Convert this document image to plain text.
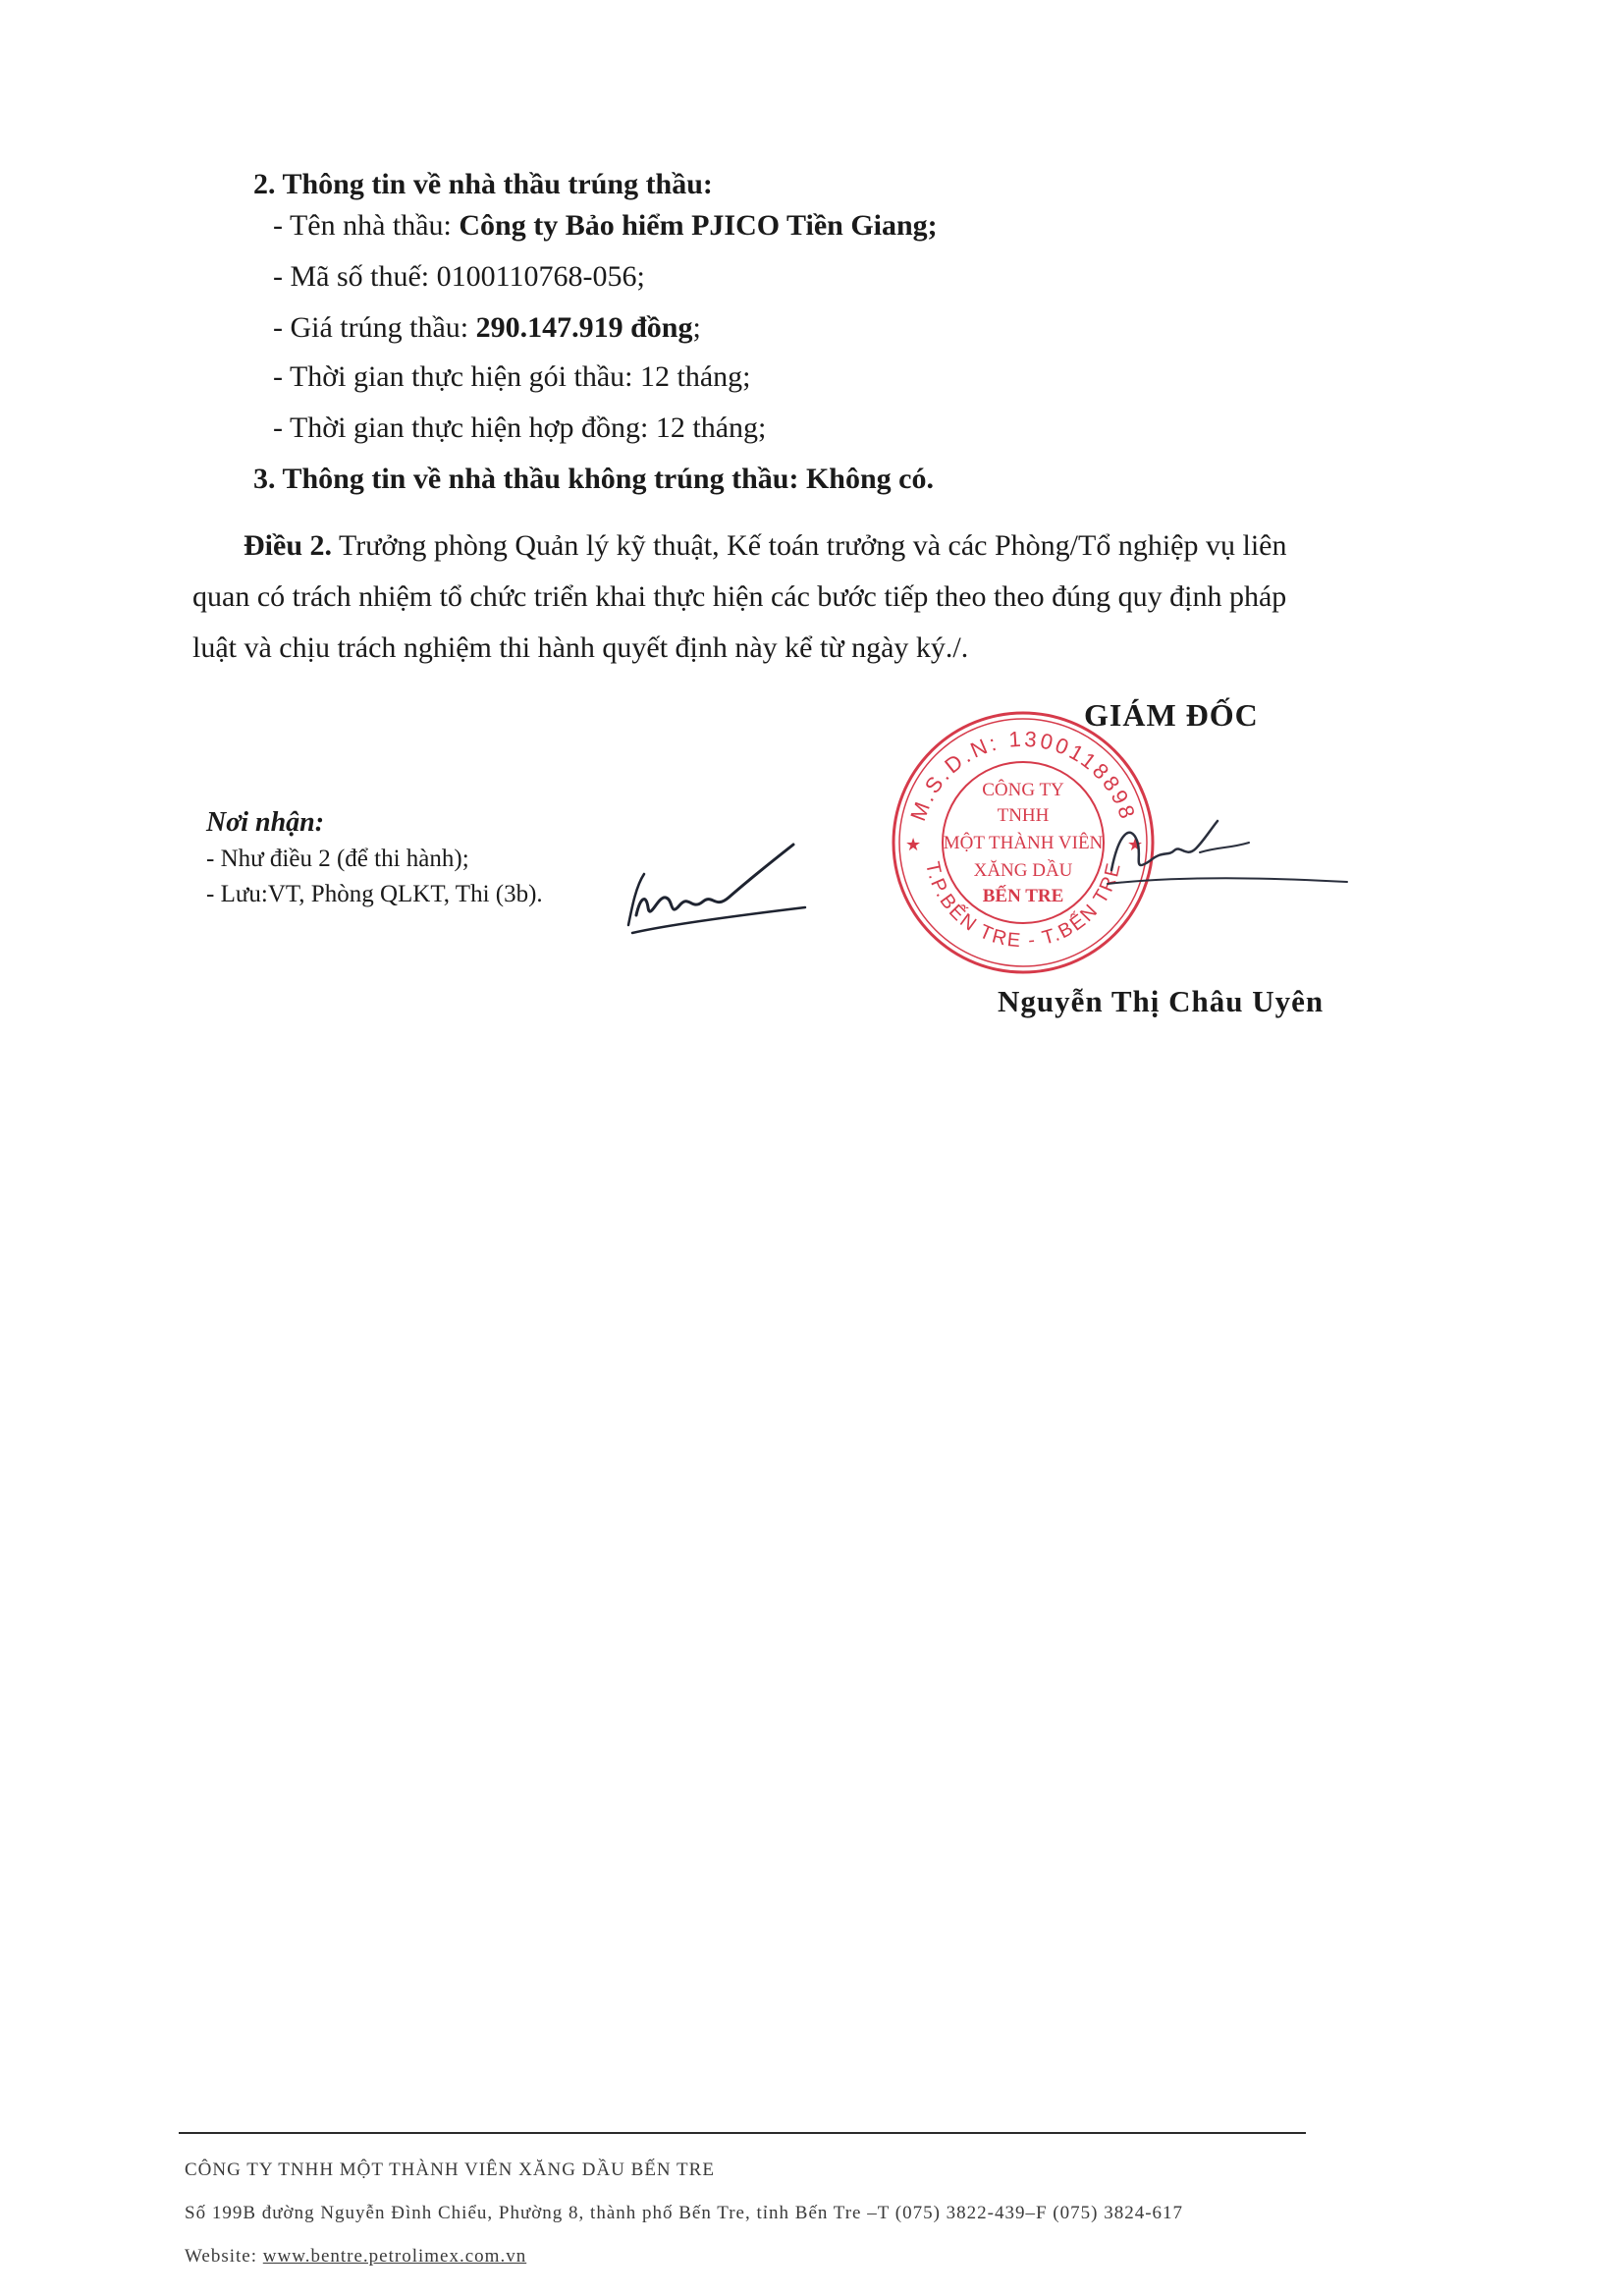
2. Thông tin về nhà thầu trúng thầu:
- Tên nhà thầu: Công ty Bảo hiểm PJICO Tiền Giang;
- Mã số thuế: 0100110768-056;
- Giá trúng thầu: 290.147.919 đồng;
- Thời gian thực hiện gói thầu: 12 tháng;
- Thời gian thực hiện hợp đồng: 12 tháng;
3. Thông tin về nhà thầu không trúng thầu: Không có.
Điều 2. Trưởng phòng Quản lý kỹ thuật, Kế toán trưởng và các Phòng/Tổ nghiệp vụ liên
quan có trách nhiệm tổ chức triển khai thực hiện các bước tiếp theo theo đúng quy định pháp
luật và chịu trách nghiệm thi hành quyết định này kể từ ngày ký./.
GIÁM ĐỐC
Nơi nhận:
- Như điều 2 (để thi hành);
- Lưu:VT, Phòng QLKT, Thi (3b).
M.S.D.N: 1300118898
T.P.BẾN TRE - T.BẾN TRE
★	★
CÔNG TY
TNHH
MỘT THÀNH VIÊN
XĂNG DẦU
BẾN TRE
Nguyễn Thị Châu Uyên
CÔNG TY TNHH MỘT THÀNH VIÊN XĂNG DẦU BẾN TRE
Số 199B đường Nguyễn Đình Chiểu, Phường 8, thành phố Bến Tre, tỉnh Bến Tre –T (075) 3822-439–F (075) 3824-617
Website: www.bentre.petrolimex.com.vn
